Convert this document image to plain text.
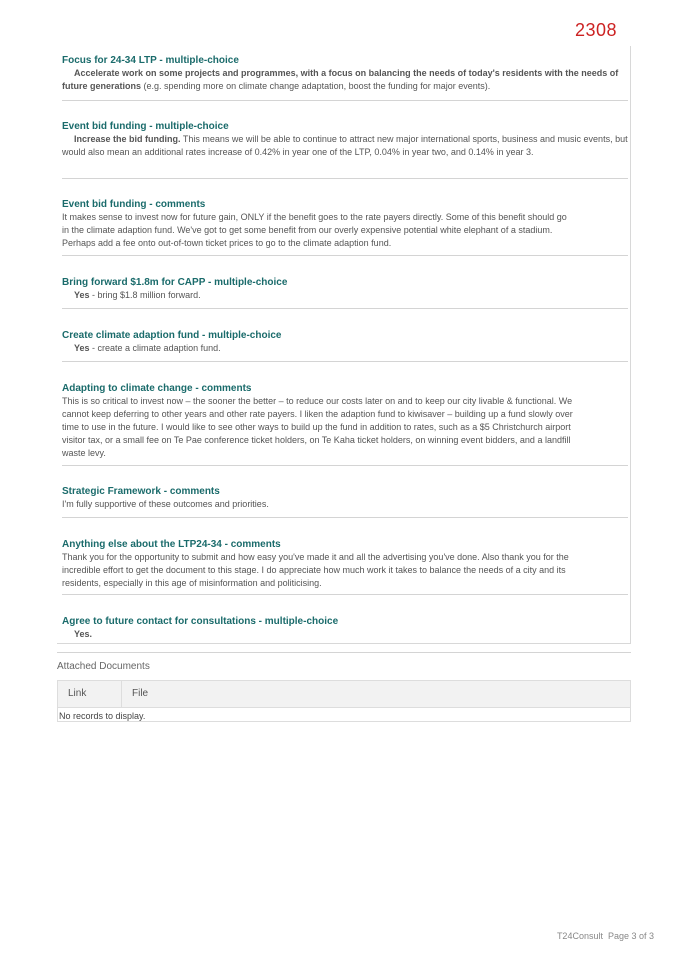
2308
Focus for 24-34 LTP - multiple-choice
Accelerate work on some projects and programmes, with a focus on balancing the needs of today's residents with the needs of future generations (e.g. spending more on climate change adaptation, boost the funding for major events).
Event bid funding - multiple-choice
Increase the bid funding. This means we will be able to continue to attract new major international sports, business and music events, but would also mean an additional rates increase of 0.42% in year one of the LTP, 0.04% in year two, and 0.14% in year 3.
Event bid funding - comments
It makes sense to invest now for future gain, ONLY if the benefit goes to the rate payers directly. Some of this benefit should go in the climate adaption fund. We've got to get some benefit from our overly expensive potential white elephant of a stadium. Perhaps add a fee onto out-of-town ticket prices to go to the climate adaption fund.
Bring forward $1.8m for CAPP - multiple-choice
Yes - bring $1.8 million forward.
Create climate adaption fund - multiple-choice
Yes - create a climate adaption fund.
Adapting to climate change - comments
This is so critical to invest now – the sooner the better – to reduce our costs later on and to keep our city livable & functional. We cannot keep deferring to other years and other rate payers. I liken the adaption fund to kiwisaver – building up a fund slowly over time to use in the future. I would like to see other ways to build up the fund in addition to rates, such as a $5 Christchurch airport visitor tax, or a small fee on Te Pae conference ticket holders, on Te Kaha ticket holders, on winning event bidders, and a landfill waste levy.
Strategic Framework - comments
I'm fully supportive of these outcomes and priorities.
Anything else about the LTP24-34 - comments
Thank you for the opportunity to submit and how easy you've made it and all the advertising you've done. Also thank you for the incredible effort to get the document to this stage. I do appreciate how much work it takes to balance the needs of a city and its residents, especially in this age of misinformation and politicising.
Agree to future contact for consultations - multiple-choice
Yes.
Attached Documents
Link	File
No records to display.
T24Consult  Page 3 of 3
